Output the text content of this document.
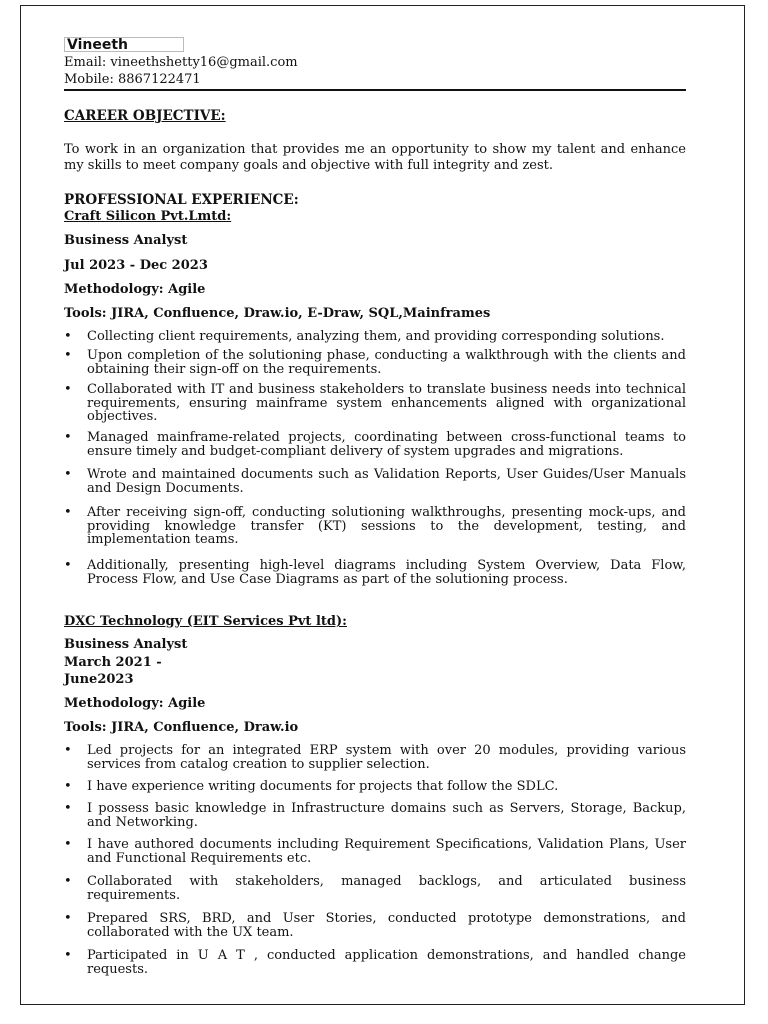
Vineeth
Email: vineethshetty16@gmail.com
Mobile: 8867122471
CAREER OBJECTIVE:
To work in an organization that provides me an opportunity to show my talent and enhance my skills to meet company goals and objective with full integrity and zest.
PROFESSIONAL EXPERIENCE:
Craft Silicon Pvt.Lmtd:
Business Analyst
Jul 2023 - Dec 2023
Methodology: Agile
Tools: JIRA, Confluence, Draw.io, E-Draw, SQL,Mainframes
•	Collecting client requirements, analyzing them, and providing corresponding solutions.
•	Upon completion of the solutioning phase, conducting a walkthrough with the clients and obtaining their sign-off on the requirements.
•	Collaborated with IT and business stakeholders to translate business needs into technical requirements, ensuring mainframe system enhancements aligned with organizational objectives.
•	Managed mainframe-related projects, coordinating between cross-functional teams to ensure timely and budget-compliant delivery of system upgrades and migrations.
•	Wrote and maintained documents such as Validation Reports, User Guides/User Manuals and Design Documents.
•	After receiving sign-off, conducting solutioning walkthroughs, presenting mock-ups, and providing knowledge transfer (KT) sessions to the development, testing, and implementation teams.
•	Additionally, presenting high-level diagrams including System Overview, Data Flow, Process Flow, and Use Case Diagrams as part of the solutioning process.
DXC Technology (EIT Services Pvt ltd):
Business Analyst
March 2021 -
June2023
Methodology: Agile
Tools: JIRA, Confluence, Draw.io
•	Led projects for an integrated ERP system with over 20 modules, providing various services from catalog creation to supplier selection.
•	I have experience writing documents for projects that follow the SDLC.
•	I possess basic knowledge in Infrastructure domains such as Servers, Storage, Backup, and Networking.
•	I have authored documents including Requirement Specifications, Validation Plans, User and Functional Requirements etc.
•	Collaborated with stakeholders, managed backlogs, and articulated business requirements.
•	Prepared SRS, BRD, and User Stories, conducted prototype demonstrations, and collaborated with the UX team.
•	Participated in U A T , conducted application demonstrations, and handled change requests.
